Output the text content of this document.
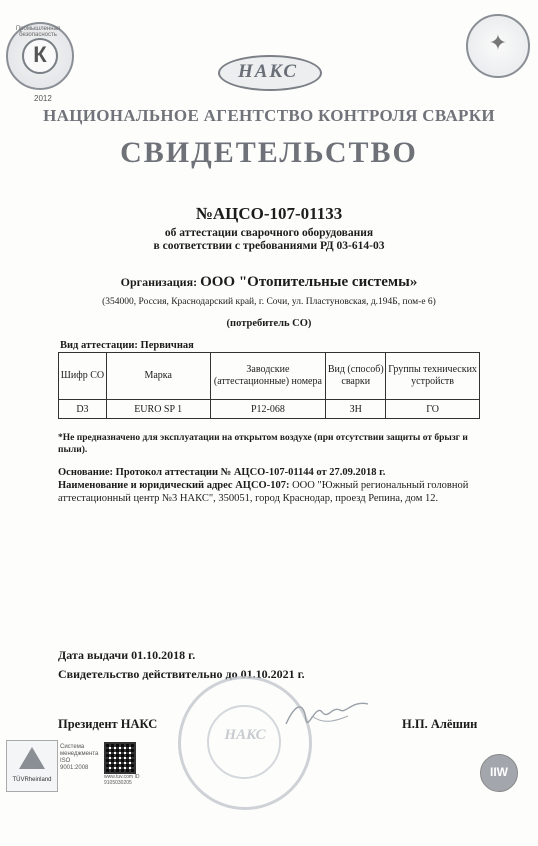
Промышленная безопасность
К
2012
НАКС
✦
НАЦИОНАЛЬНОЕ АГЕНТСТВО КОНТРОЛЯ СВАРКИ
СВИДЕТЕЛЬСТВО
№АЦСО-107-01133
об аттестации сварочного оборудования
в соответствии с требованиями РД 03-614-03
Организация: ООО "Отопительные системы»
(354000, Россия, Краснодарский край, г. Сочи, ул. Пластуновская, д.194Б, пом-е 6)
(потребитель СО)
Вид аттестации: Первичная
Шифр СО	Марка	Заводские (аттестационные) номера	Вид (способ) сварки	Группы технических устройств
D3	EURO SP 1	P12-068	ЗН	ГО
*Не предназначено для эксплуатации на открытом воздухе (при отсутствии защиты от брызг и пыли).
Основание: Протокол аттестации № АЦСО-107-01144 от 27.09.2018 г.
Наименование и юридический адрес АЦСО-107: ООО "Южный региональный головной аттестационный центр №3 НАКС", 350051, город Краснодар, проезд Репина, дом 12.
Дата выдачи 01.10.2018 г.
Свидетельство действительно до 01.10.2021 г.
НАКС
Президент НАКС	Н.П. Алёшин
TÜVRheinland
Система менеджмента ISO 9001:2008
www.tuv.com ID 9105030205
IIW
